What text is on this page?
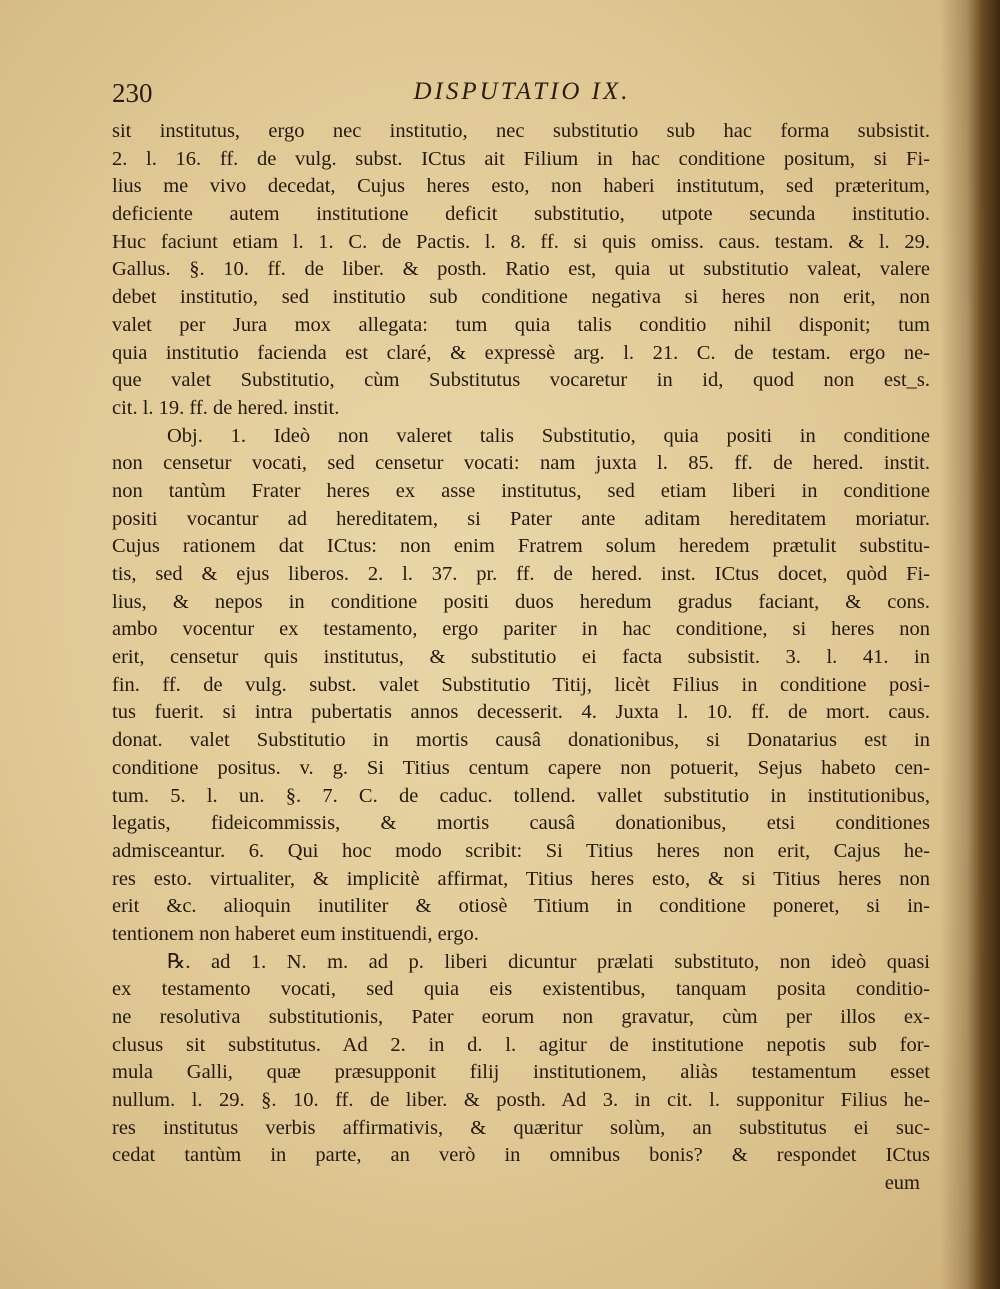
230	DISPUTATIO IX.
sit institutus, ergo nec institutio, nec substitutio sub hac forma subsistit.
2. l. 16. ff. de vulg. subst. ICtus ait Filium in hac conditione positum, si Fi-
lius me vivo decedat, Cujus heres esto, non haberi institutum, sed præteritum,
deficiente autem institutione deficit substitutio, utpote secunda institutio.
Huc faciunt etiam l. 1. C. de Pactis. l. 8. ff. si quis omiss. caus. testam. & l. 29.
Gallus. §. 10. ff. de liber. & posth. Ratio est, quia ut substitutio valeat, valere
debet institutio, sed institutio sub conditione negativa si heres non erit, non
valet per Jura mox allegata: tum quia talis conditio nihil disponit; tum
quia institutio facienda est claré, & expressè arg. l. 21. C. de testam. ergo ne-
que valet Substitutio, cùm Substitutus vocaretur in id, quod non est_s.
cit. l. 19. ff. de hered. instit.
Obj. 1. Ideò non valeret talis Substitutio, quia positi in conditione
non censetur vocati, sed censetur vocati: nam juxta l. 85. ff. de hered. instit.
non tantùm Frater heres ex asse institutus, sed etiam liberi in conditione
positi vocantur ad hereditatem, si Pater ante aditam hereditatem moriatur.
Cujus rationem dat ICtus: non enim Fratrem solum heredem prætulit substitu-
tis, sed & ejus liberos. 2. l. 37. pr. ff. de hered. inst. ICtus docet, quòd Fi-
lius, & nepos in conditione positi duos heredum gradus faciant, & cons.
ambo vocentur ex testamento, ergo pariter in hac conditione, si heres non
erit, censetur quis institutus, & substitutio ei facta subsistit. 3. l. 41. in
fin. ff. de vulg. subst. valet Substitutio Titij, licèt Filius in conditione posi-
tus fuerit. si intra pubertatis annos decesserit. 4. Juxta l. 10. ff. de mort. caus.
donat. valet Substitutio in mortis causâ donationibus, si Donatarius est in
conditione positus. v. g. Si Titius centum capere non potuerit, Sejus habeto cen-
tum. 5. l. un. §. 7. C. de caduc. tollend. vallet substitutio in institutionibus,
legatis, fideicommissis, & mortis causâ donationibus, etsi conditiones
admisceantur. 6. Qui hoc modo scribit: Si Titius heres non erit, Cajus he-
res esto. virtualiter, & implicitè affirmat, Titius heres esto, & si Titius heres non
erit &c. alioquin inutiliter & otiosè Titium in conditione poneret, si in-
tentionem non haberet eum instituendi, ergo.
℞. ad 1. N. m. ad p. liberi dicuntur prælati substituto, non ideò quasi
ex testamento vocati, sed quia eis existentibus, tanquam posita conditio-
ne resolutiva substitutionis, Pater eorum non gravatur, cùm per illos ex-
clusus sit substitutus. Ad 2. in d. l. agitur de institutione nepotis sub for-
mula Galli, quæ præsupponit filij institutionem, aliàs testamentum esset
nullum. l. 29. §. 10. ff. de liber. & posth. Ad 3. in cit. l. supponitur Filius he-
res institutus verbis affirmativis, & quæritur solùm, an substitutus ei suc-
cedat tantùm in parte, an verò in omnibus bonis? & respondet ICtus
eum
